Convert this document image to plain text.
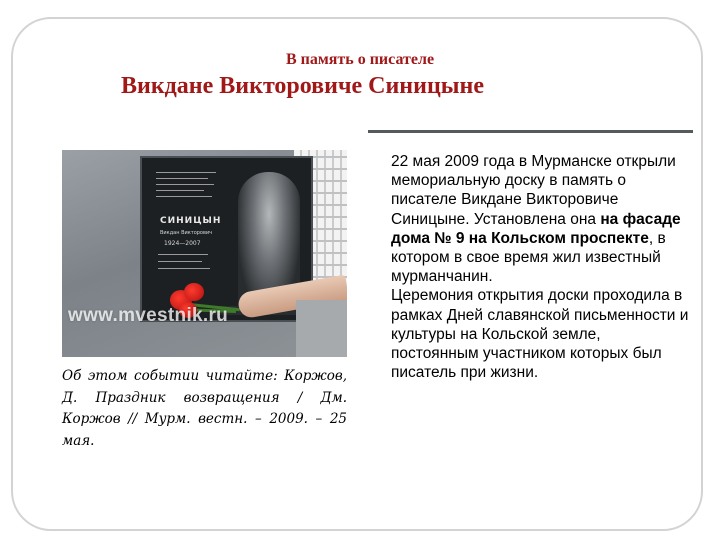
В память о писателе
Викдане Викторовиче Синицыне
СИНИЦЫН
Викдан Викторович
1924—2007
www.mvestnik.ru
Об этом событии читайте: Коржов, Д. Праздник возвращения / Дм. Коржов // Мурм. вестн. – 2009. – 25 мая.
22 мая 2009 года в Мурманске открыли мемориальную доску в память о писателе Викдане Викторовиче Синицыне. Установлена она на фасаде дома № 9 на Кольском проспекте, в котором в свое время жил известный мурманчанин.
Церемония открытия доски проходила в рамках Дней славянской письменности и культуры на Кольской земле, постоянным участником которых был писатель при жизни.
